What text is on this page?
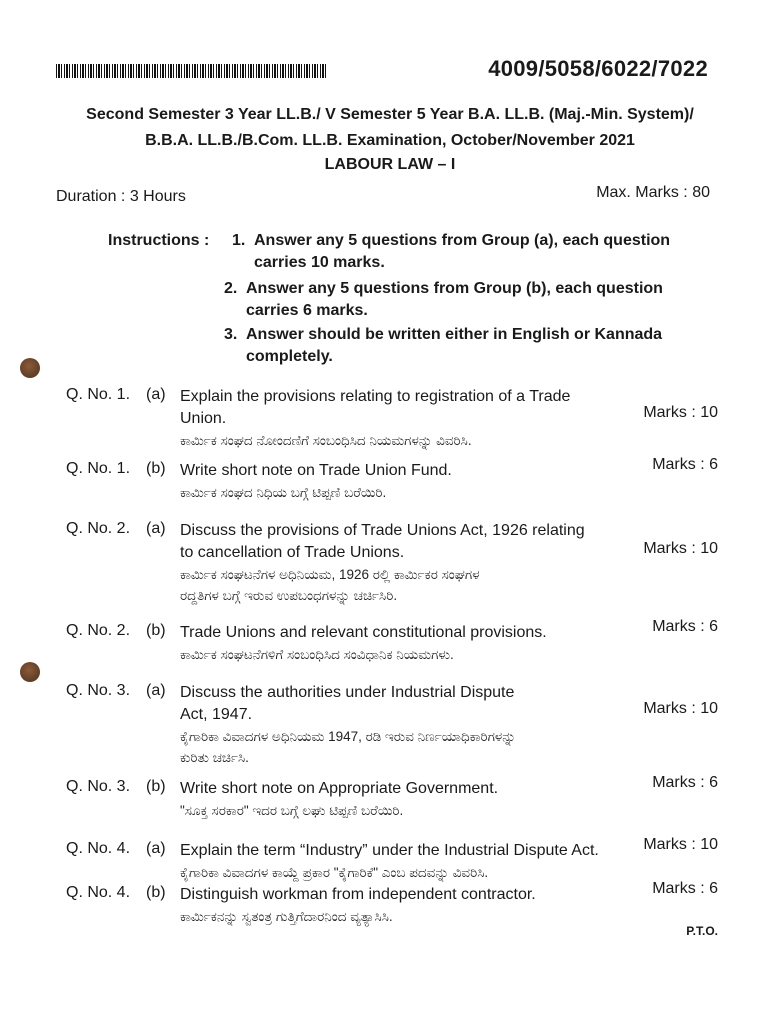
4009/5058/6022/7022
Second Semester 3 Year LL.B./ V Semester 5 Year B.A. LL.B. (Maj.-Min. System)/
B.B.A. LL.B./B.Com. LL.B. Examination, October/November 2021
LABOUR LAW – I
Duration : 3 Hours	Max. Marks : 80
Instructions : 1. Answer any 5 questions from Group (a), each question
carries 10 marks.
2. Answer any 5 questions from Group (b), each question
carries 6 marks.
3. Answer should be written either in English or Kannada
completely.
Q. No. 1. (a) Explain the provisions relating to registration of a Trade
Union.
ಕಾರ್ಮಿಕ ಸಂಘದ ನೋಂದಣಿಗೆ ಸಂಬಂಧಿಸಿದ ನಿಯಮಗಳನ್ನು ವಿವರಿಸಿ.
Marks : 10
Q. No. 1. (b) Write short note on Trade Union Fund.
ಕಾರ್ಮಿಕ ಸಂಘದ ನಿಧಿಯ ಬಗ್ಗೆ ಟಿಪ್ಪಣಿ ಬರೆಯಿರಿ.
Marks : 6
Q. No. 2. (a) Discuss the provisions of Trade Unions Act, 1926 relating
to cancellation of Trade Unions.
ಕಾರ್ಮಿಕ ಸಂಘಟನೆಗಳ ಅಧಿನಿಯಮ, 1926 ರಲ್ಲಿ ಕಾರ್ಮಿಕರ ಸಂಘಗಳ
ರದ್ದತಿಗಳ ಬಗ್ಗೆ ಇರುವ ಉಪಬಂಧಗಳನ್ನು ಚರ್ಚಿಸಿರಿ.
Marks : 10
Q. No. 2. (b) Trade Unions and relevant constitutional provisions.
ಕಾರ್ಮಿಕ ಸಂಘಟನೆಗಳಿಗೆ ಸಂಬಂಧಿಸಿದ ಸಂವಿಧಾನಿಕ ನಿಯಮಗಳು.
Marks : 6
Q. No. 3. (a) Discuss the authorities under Industrial Dispute
Act, 1947.
ಕೈಗಾರಿಕಾ ವಿವಾದಗಳ ಅಧಿನಿಯಮ 1947, ರಡಿ ಇರುವ ನಿರ್ಣಯಾಧಿಕಾರಿಗಳನ್ನು
ಕುರಿತು ಚರ್ಚಿಸಿ.
Marks : 10
Q. No. 3. (b) Write short note on Appropriate Government.
"ಸೂಕ್ತ ಸರಕಾರ" ಇದರ ಬಗ್ಗೆ ಲಘು ಟಿಪ್ಪಣಿ ಬರೆಯಿರಿ.
Marks : 6
Q. No. 4. (a) Explain the term “Industry” under the Industrial Dispute Act.
ಕೈಗಾರಿಕಾ ವಿವಾದಗಳ ಕಾಯ್ದೆ ಪ್ರಕಾರ "ಕೈಗಾರಿಕೆ" ಎಂಬ ಪದವನ್ನು ವಿವರಿಸಿ.
Marks : 10
Q. No. 4. (b) Distinguish workman from independent contractor.
ಕಾರ್ಮಿಕನನ್ನು ಸ್ವತಂತ್ರ ಗುತ್ತಿಗೆದಾರನಿಂದ ವ್ಯತ್ಯಾಸಿಸಿ.
Marks : 6
P.T.O.
